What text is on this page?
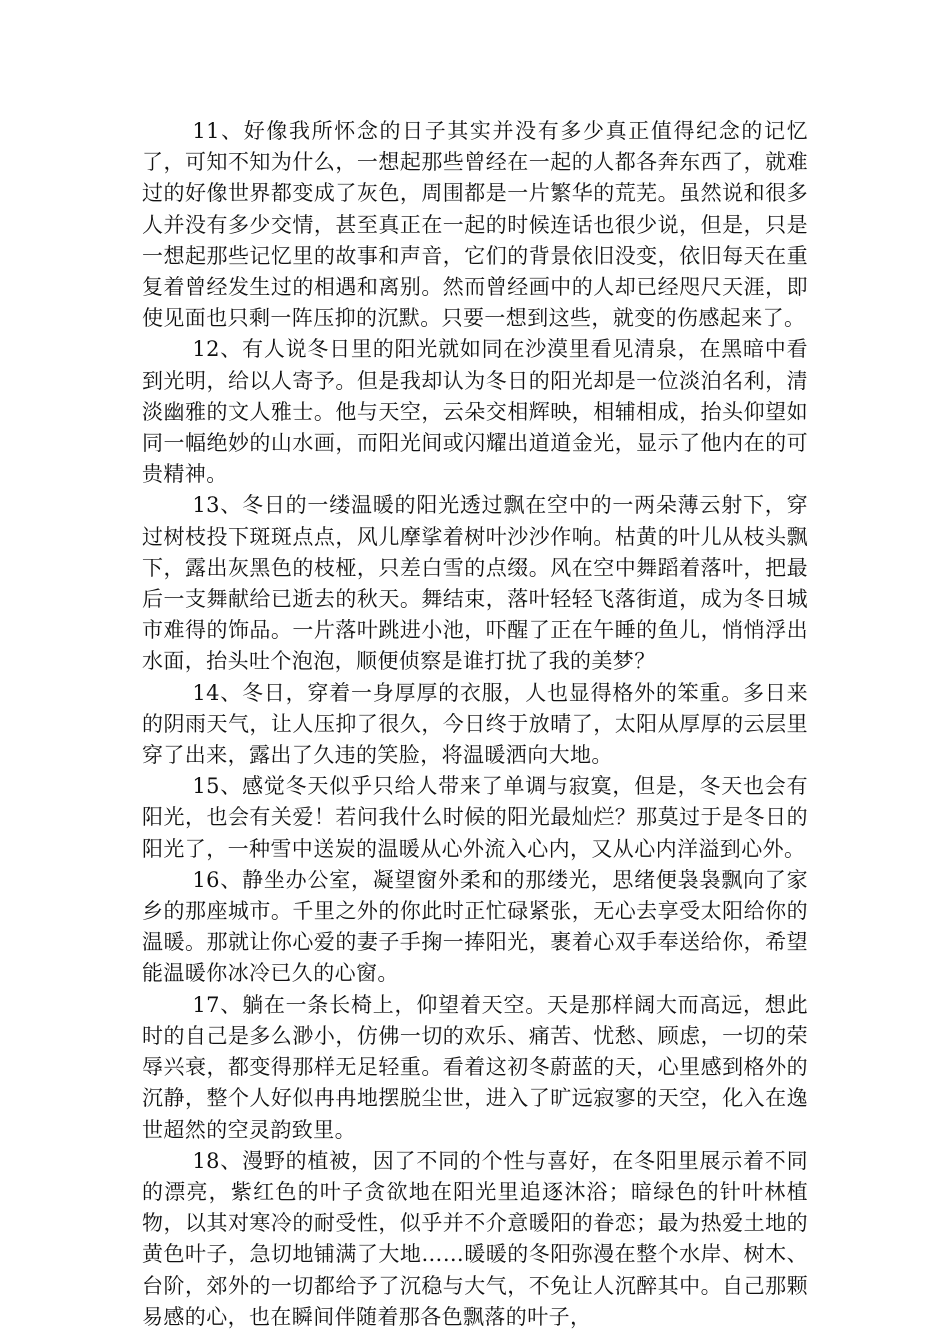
11、好像我所怀念的日子其实并没有多少真正值得纪念的记忆了，可知不知为什么，一想起那些曾经在一起的人都各奔东西了，就难过的好像世界都变成了灰色，周围都是一片繁华的荒芜。虽然说和很多人并没有多少交情，甚至真正在一起的时候连话也很少说，但是，只是一想起那些记忆里的故事和声音，它们的背景依旧没变，依旧每天在重复着曾经发生过的相遇和离别。然而曾经画中的人却已经咫尺天涯，即使见面也只剩一阵压抑的沉默。只要一想到这些，就变的伤感起来了。

12、有人说冬日里的阳光就如同在沙漠里看见清泉，在黑暗中看到光明，给以人寄予。但是我却认为冬日的阳光却是一位淡泊名利，清淡幽雅的文人雅士。他与天空，云朵交相辉映，相辅相成，抬头仰望如同一幅绝妙的山水画，而阳光间或闪耀出道道金光，显示了他内在的可贵精神。

13、冬日的一缕温暖的阳光透过飘在空中的一两朵薄云射下，穿过树枝投下斑斑点点，风儿摩挲着树叶沙沙作响。枯黄的叶儿从枝头飘下，露出灰黑色的枝桠，只差白雪的点缀。风在空中舞蹈着落叶，把最后一支舞献给已逝去的秋天。舞结束，落叶轻轻飞落街道，成为冬日城市难得的饰品。一片落叶跳进小池，吓醒了正在午睡的鱼儿，悄悄浮出水面，抬头吐个泡泡，顺便侦察是谁打扰了我的美梦？

14、冬日，穿着一身厚厚的衣服，人也显得格外的笨重。多日来的阴雨天气，让人压抑了很久，今日终于放晴了，太阳从厚厚的云层里穿了出来，露出了久违的笑脸，将温暖洒向大地。

15、感觉冬天似乎只给人带来了单调与寂寞，但是，冬天也会有阳光，也会有关爱！若问我什么时候的阳光最灿烂？那莫过于是冬日的阳光了，一种雪中送炭的温暖从心外流入心内，又从心内洋溢到心外。

16、静坐办公室，凝望窗外柔和的那缕光，思绪便袅袅飘向了家乡的那座城市。千里之外的你此时正忙碌紧张，无心去享受太阳给你的温暖。那就让你心爱的妻子手掬一捧阳光，裹着心双手奉送给你，希望能温暖你冰冷已久的心窗。

17、躺在一条长椅上，仰望着天空。天是那样阔大而高远，想此时的自己是多么渺小，仿佛一切的欢乐、痛苦、忧愁、顾虑，一切的荣辱兴衰，都变得那样无足轻重。看着这初冬蔚蓝的天，心里感到格外的沉静，整个人好似冉冉地摆脱尘世，进入了旷远寂寥的天空，化入在逸世超然的空灵韵致里。

18、漫野的植被，因了不同的个性与喜好，在冬阳里展示着不同的漂亮，紫红色的叶子贪欲地在阳光里追逐沐浴；暗绿色的针叶林植物，以其对寒冷的耐受性，似乎并不介意暖阳的眷恋；最为热爱土地的黄色叶子，急切地铺满了大地……暖暖的冬阳弥漫在整个水岸、树木、台阶，郊外的一切都给予了沉稳与大气，不免让人沉醉其中。自己那颗易感的心，也在瞬间伴随着那各色飘落的叶子，
